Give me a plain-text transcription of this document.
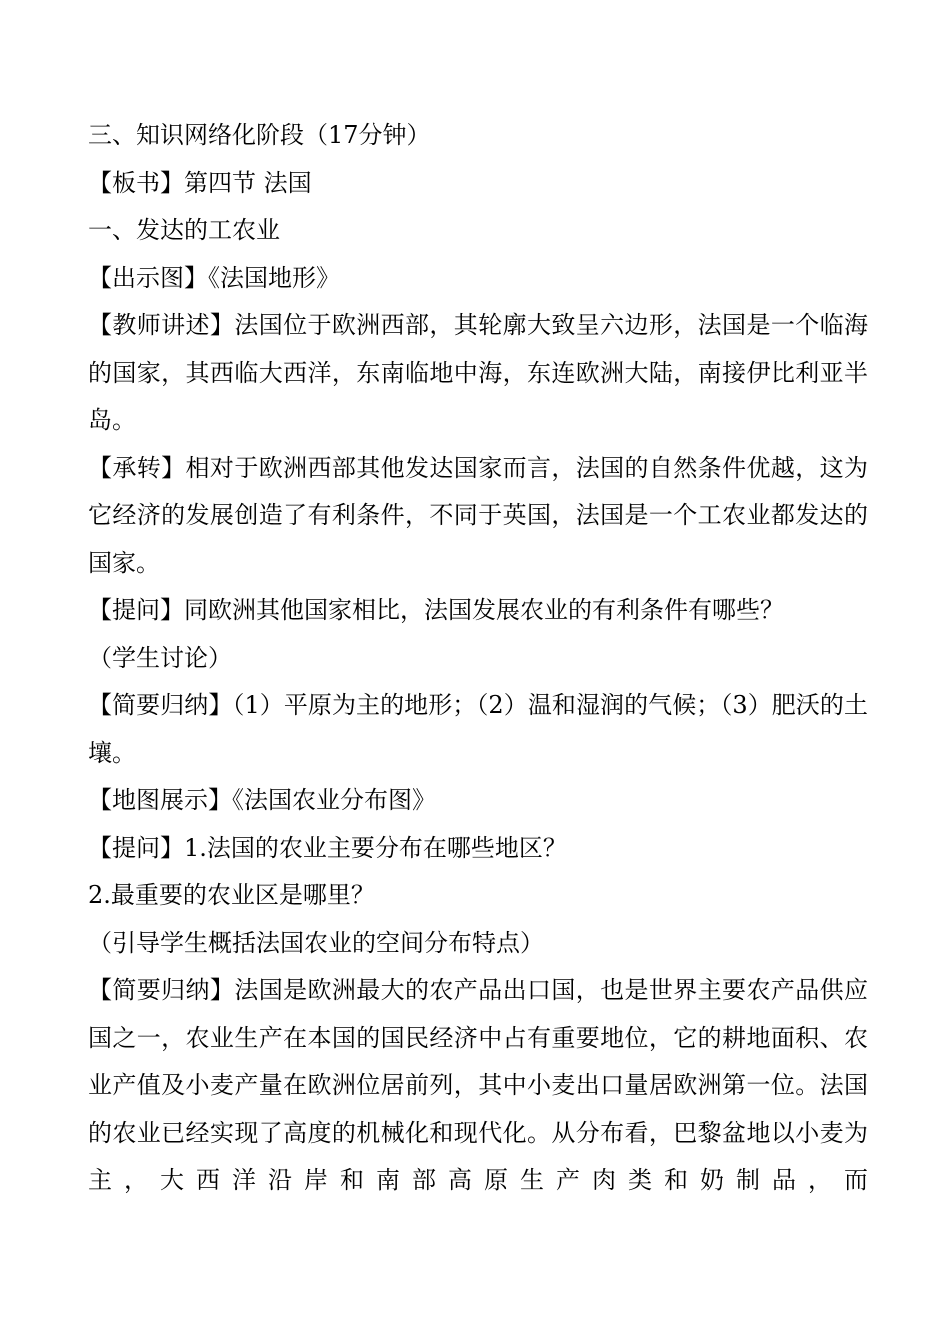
三、知识网络化阶段（17分钟）

【板书】第四节 法国

一、发达的工农业

【出示图】《法国地形》

【教师讲述】法国位于欧洲西部，其轮廓大致呈六边形，法国是一个临海的国家，其西临大西洋，东南临地中海，东连欧洲大陆，南接伊比利亚半岛。

【承转】相对于欧洲西部其他发达国家而言，法国的自然条件优越，这为它经济的发展创造了有利条件，不同于英国，法国是一个工农业都发达的国家。

【提问】同欧洲其他国家相比，法国发展农业的有利条件有哪些？

（学生讨论）

【简要归纳】（1）平原为主的地形；（2）温和湿润的气候；（3）肥沃的土壤。

【地图展示】《法国农业分布图》

【提问】1.法国的农业主要分布在哪些地区？

2.最重要的农业区是哪里？

（引导学生概括法国农业的空间分布特点）

【简要归纳】法国是欧洲最大的农产品出口国，也是世界主要农产品供应国之一，农业生产在本国的国民经济中占有重要地位，它的耕地面积、农业产值及小麦产量在欧洲位居前列，其中小麦出口量居欧洲第一位。法国的农业已经实现了高度的机械化和现代化。从分布看，巴黎盆地以小麦为主，大西洋沿岸和南部高原生产肉类和奶制品，而
